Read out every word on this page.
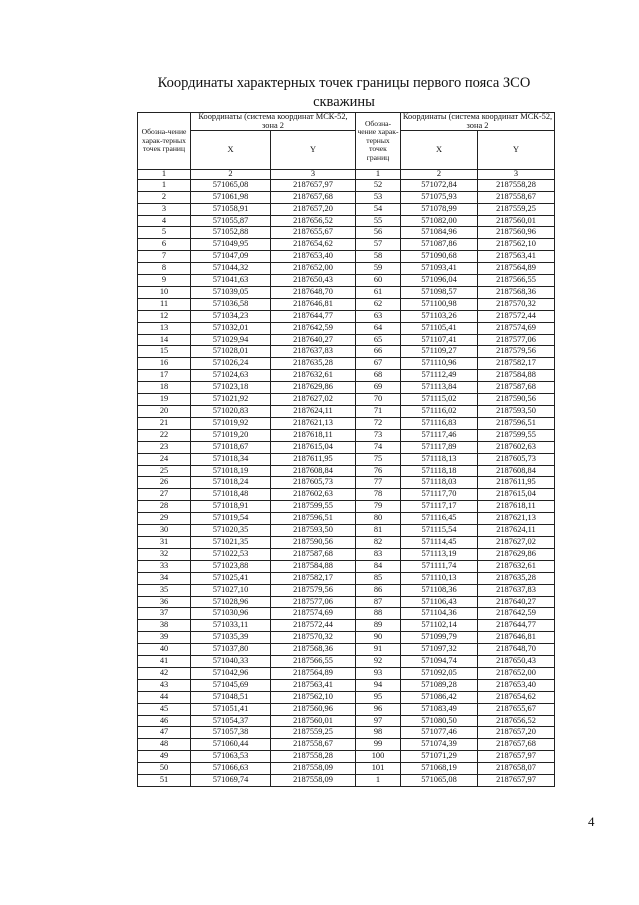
Координаты характерных точек границы первого пояса ЗСО
скважины
Обозна-чение харак-терных точек границ	Координаты (система координат МСК-52, зона 2		Обозна-чение харак-терных точек границ	Координаты (система координат МСК-52, зона 2	
	X	Y		X	Y
1	2	3	1	2	3
1	571065,08	2187657,97	52	571072,84	2187558,28
2	571061,98	2187657,68	53	571075,93	2187558,67
3	571058,91	2187657,20	54	571078,99	2187559,25
4	571055,87	2187656,52	55	571082,00	2187560,01
5	571052,88	2187655,67	56	571084,96	2187560,96
6	571049,95	2187654,62	57	571087,86	2187562,10
7	571047,09	2187653,40	58	571090,68	2187563,41
8	571044,32	2187652,00	59	571093,41	2187564,89
9	571041,63	2187650,43	60	571096,04	2187566,55
10	571039,05	2187648,70	61	571098,57	2187568,36
11	571036,58	2187646,81	62	571100,98	2187570,32
12	571034,23	2187644,77	63	571103,26	2187572,44
13	571032,01	2187642,59	64	571105,41	2187574,69
14	571029,94	2187640,27	65	571107,41	2187577,06
15	571028,01	2187637,83	66	571109,27	2187579,56
16	571026,24	2187635,28	67	571110,96	2187582,17
17	571024,63	2187632,61	68	571112,49	2187584,88
18	571023,18	2187629,86	69	571113,84	2187587,68
19	571021,92	2187627,02	70	571115,02	2187590,56
20	571020,83	2187624,11	71	571116,02	2187593,50
21	571019,92	2187621,13	72	571116,83	2187596,51
22	571019,20	2187618,11	73	571117,46	2187599,55
23	571018,67	2187615,04	74	571117,89	2187602,63
24	571018,34	2187611,95	75	571118,13	2187605,73
25	571018,19	2187608,84	76	571118,18	2187608,84
26	571018,24	2187605,73	77	571118,03	2187611,95
27	571018,48	2187602,63	78	571117,70	2187615,04
28	571018,91	2187599,55	79	571117,17	2187618,11
29	571019,54	2187596,51	80	571116,45	2187621,13
30	571020,35	2187593,50	81	571115,54	2187624,11
31	571021,35	2187590,56	82	571114,45	2187627,02
32	571022,53	2187587,68	83	571113,19	2187629,86
33	571023,88	2187584,88	84	571111,74	2187632,61
34	571025,41	2187582,17	85	571110,13	2187635,28
35	571027,10	2187579,56	86	571108,36	2187637,83
36	571028,96	2187577,06	87	571106,43	2187640,27
37	571030,96	2187574,69	88	571104,36	2187642,59
38	571033,11	2187572,44	89	571102,14	2187644,77
39	571035,39	2187570,32	90	571099,79	2187646,81
40	571037,80	2187568,36	91	571097,32	2187648,70
41	571040,33	2187566,55	92	571094,74	2187650,43
42	571042,96	2187564,89	93	571092,05	2187652,00
43	571045,69	2187563,41	94	571089,28	2187653,40
44	571048,51	2187562,10	95	571086,42	2187654,62
45	571051,41	2187560,96	96	571083,49	2187655,67
46	571054,37	2187560,01	97	571080,50	2187656,52
47	571057,38	2187559,25	98	571077,46	2187657,20
48	571060,44	2187558,67	99	571074,39	2187657,68
49	571063,53	2187558,28	100	571071,29	2187657,97
50	571066,63	2187558,09	101	571068,19	2187658,07
51	571069,74	2187558,09	1	571065,08	2187657,97
4
